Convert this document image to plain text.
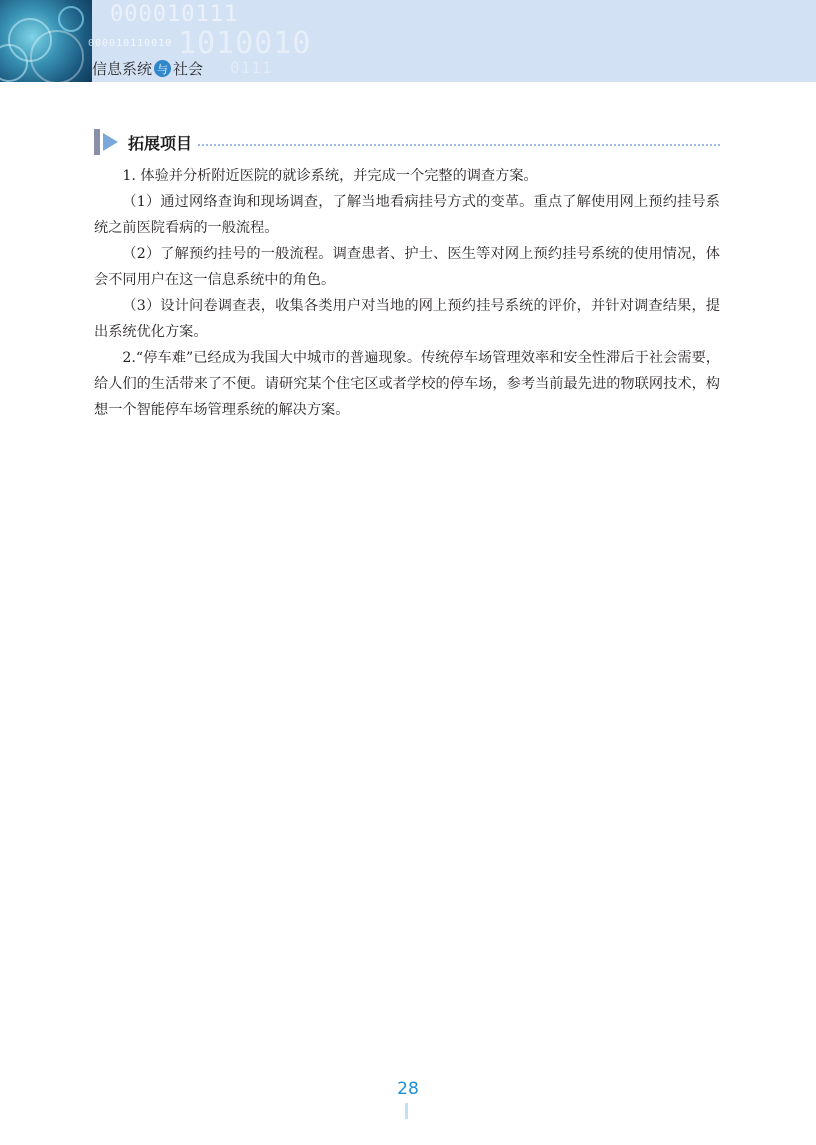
000010111
1010010
000010110010
0111
信息系统 与 社会
拓展项目

1. 体验并分析附近医院的就诊系统，并完成一个完整的调查方案。

（1）通过网络查询和现场调查，了解当地看病挂号方式的变革。重点了解使用网上预约挂号系统之前医院看病的一般流程。

（2）了解预约挂号的一般流程。调查患者、护士、医生等对网上预约挂号系统的使用情况，体会不同用户在这一信息系统中的角色。

（3）设计问卷调查表，收集各类用户对当地的网上预约挂号系统的评价，并针对调查结果，提出系统优化方案。

2.“停车难”已经成为我国大中城市的普遍现象。传统停车场管理效率和安全性滞后于社会需要，给人们的生活带来了不便。请研究某个住宅区或者学校的停车场，参考当前最先进的物联网技术，构想一个智能停车场管理系统的解决方案。

28
